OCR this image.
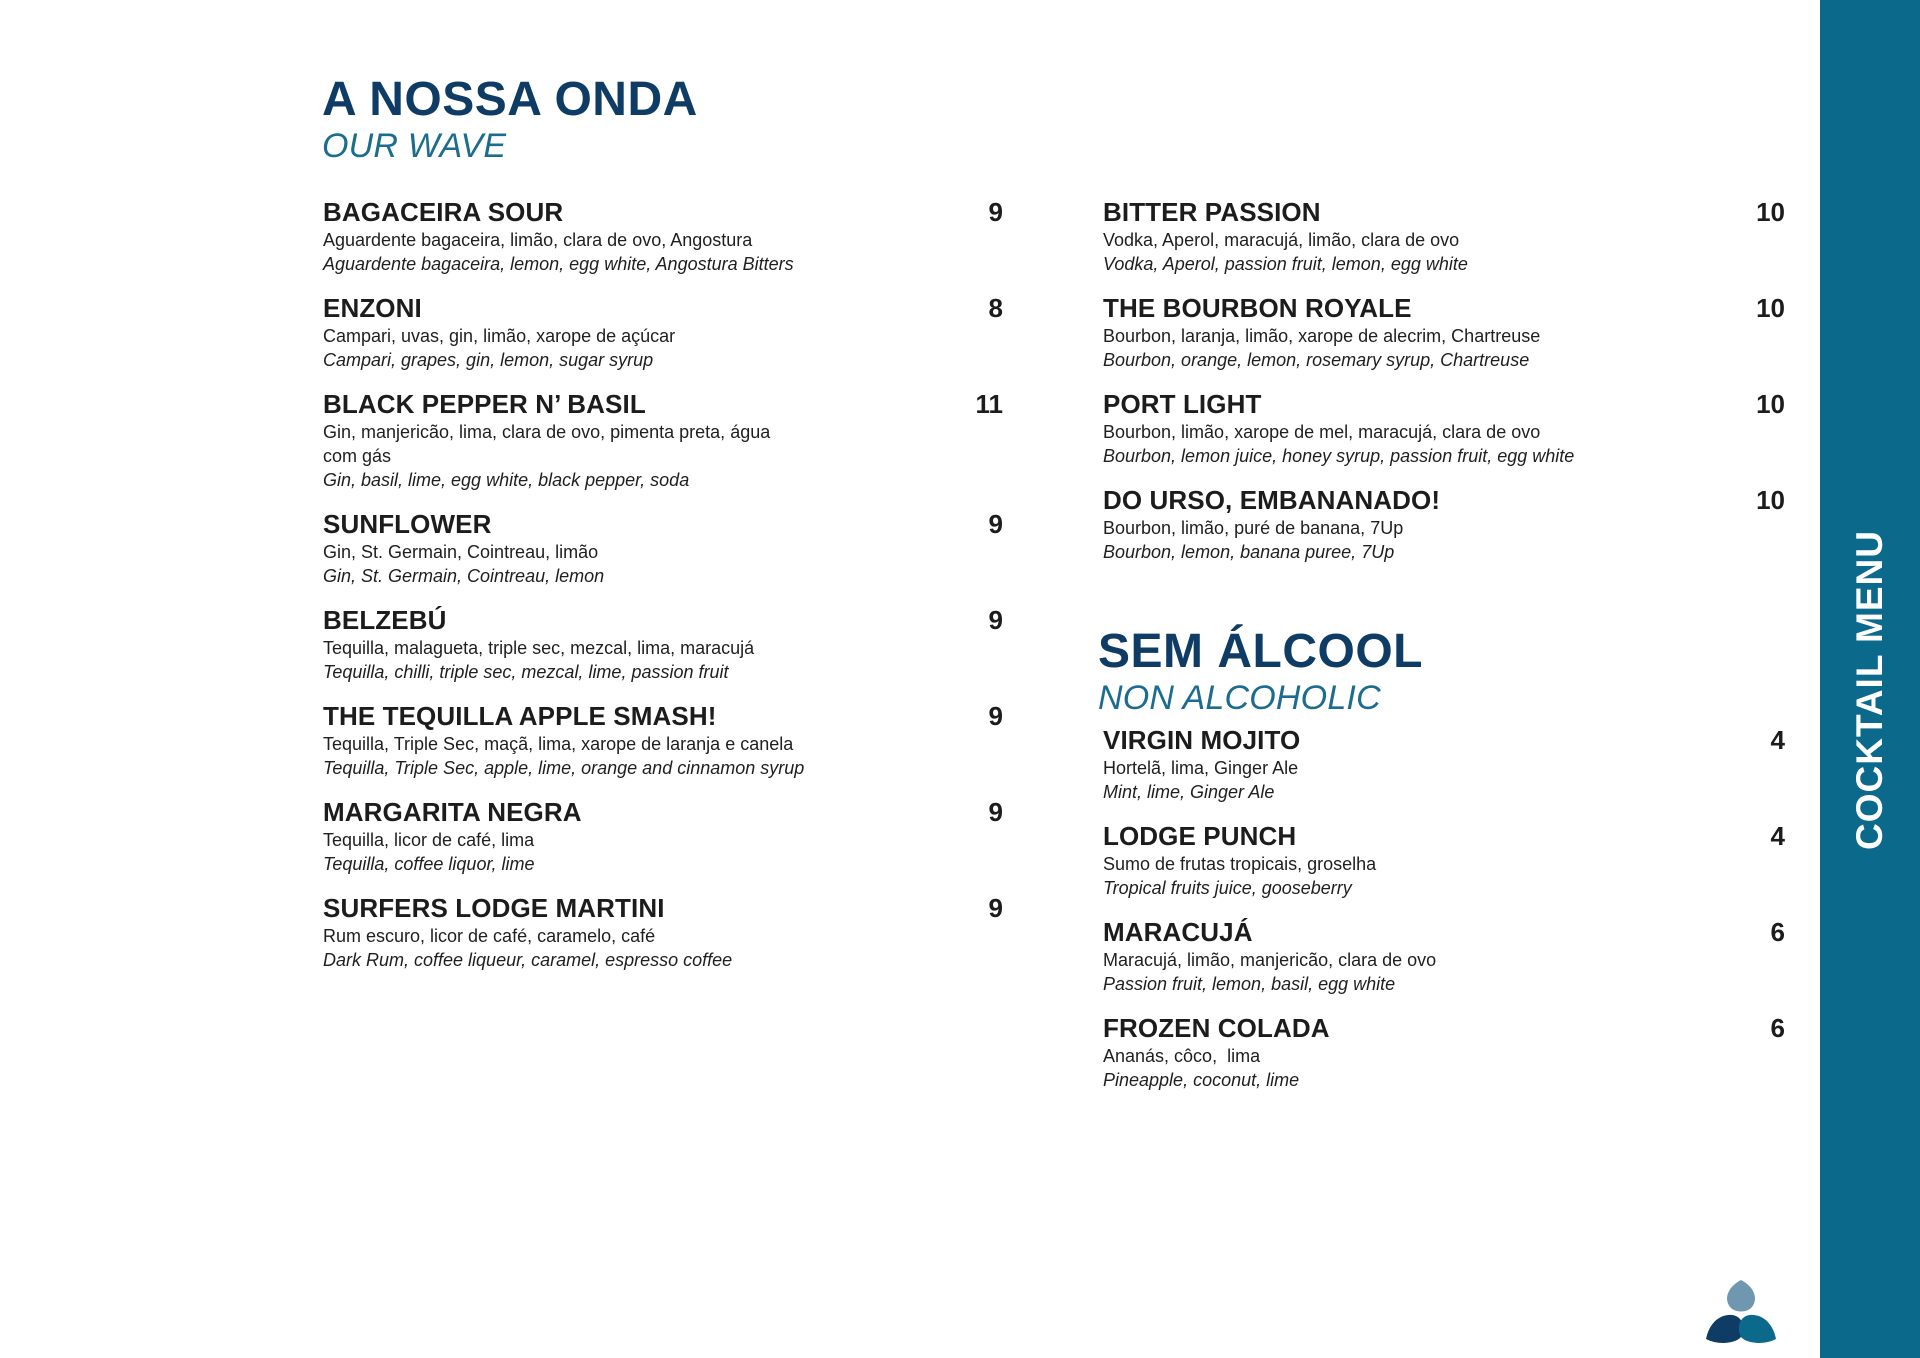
COCKTAIL MENU
A NOSSA ONDA
OUR WAVE
BAGACEIRA SOUR	9
Aguardente bagaceira, limão, clara de ovo, Angostura
Aguardente bagaceira, lemon, egg white, Angostura Bitters
ENZONI	8
Campari, uvas, gin, limão, xarope de açúcar
Campari, grapes, gin, lemon, sugar syrup
BLACK PEPPER N’ BASIL	11
Gin, manjericão, lima, clara de ovo, pimenta preta, água com gás
Gin, basil, lime, egg white, black pepper, soda
SUNFLOWER	9
Gin, St. Germain, Cointreau, limão
Gin, St. Germain, Cointreau, lemon
BELZEBÚ	9
Tequilla, malagueta, triple sec, mezcal, lima, maracujá
Tequilla, chilli, triple sec, mezcal, lime, passion fruit
THE TEQUILLA APPLE SMASH!	9
Tequilla, Triple Sec, maçã, lima, xarope de laranja e canela
Tequilla, Triple Sec, apple, lime, orange and cinnamon syrup
MARGARITA NEGRA	9
Tequilla, licor de café, lima
Tequilla, coffee liquor, lime
SURFERS LODGE MARTINI	9
Rum escuro, licor de café, caramelo, café
Dark Rum, coffee liqueur, caramel, espresso coffee
BITTER PASSION	10
Vodka, Aperol, maracujá, limão, clara de ovo
Vodka, Aperol, passion fruit, lemon, egg white
THE BOURBON ROYALE	10
Bourbon, laranja, limão, xarope de alecrim, Chartreuse
Bourbon, orange, lemon, rosemary syrup, Chartreuse
PORT LIGHT	10
Bourbon, limão, xarope de mel, maracujá, clara de ovo
Bourbon, lemon juice, honey syrup, passion fruit, egg white
DO URSO, EMBANANADO!	10
Bourbon, limão, puré de banana, 7Up
Bourbon, lemon, banana puree, 7Up
SEM ÁLCOOL
NON ALCOHOLIC
VIRGIN MOJITO	4
Hortelã, lima, Ginger Ale
Mint, lime, Ginger Ale
LODGE PUNCH	4
Sumo de frutas tropicais, groselha
Tropical fruits juice, gooseberry
MARACUJÁ	6
Maracujá, limão, manjericão, clara de ovo
Passion fruit, lemon, basil, egg white
FROZEN COLADA	6
Ananás, côco,  lima
Pineapple, coconut, lime
